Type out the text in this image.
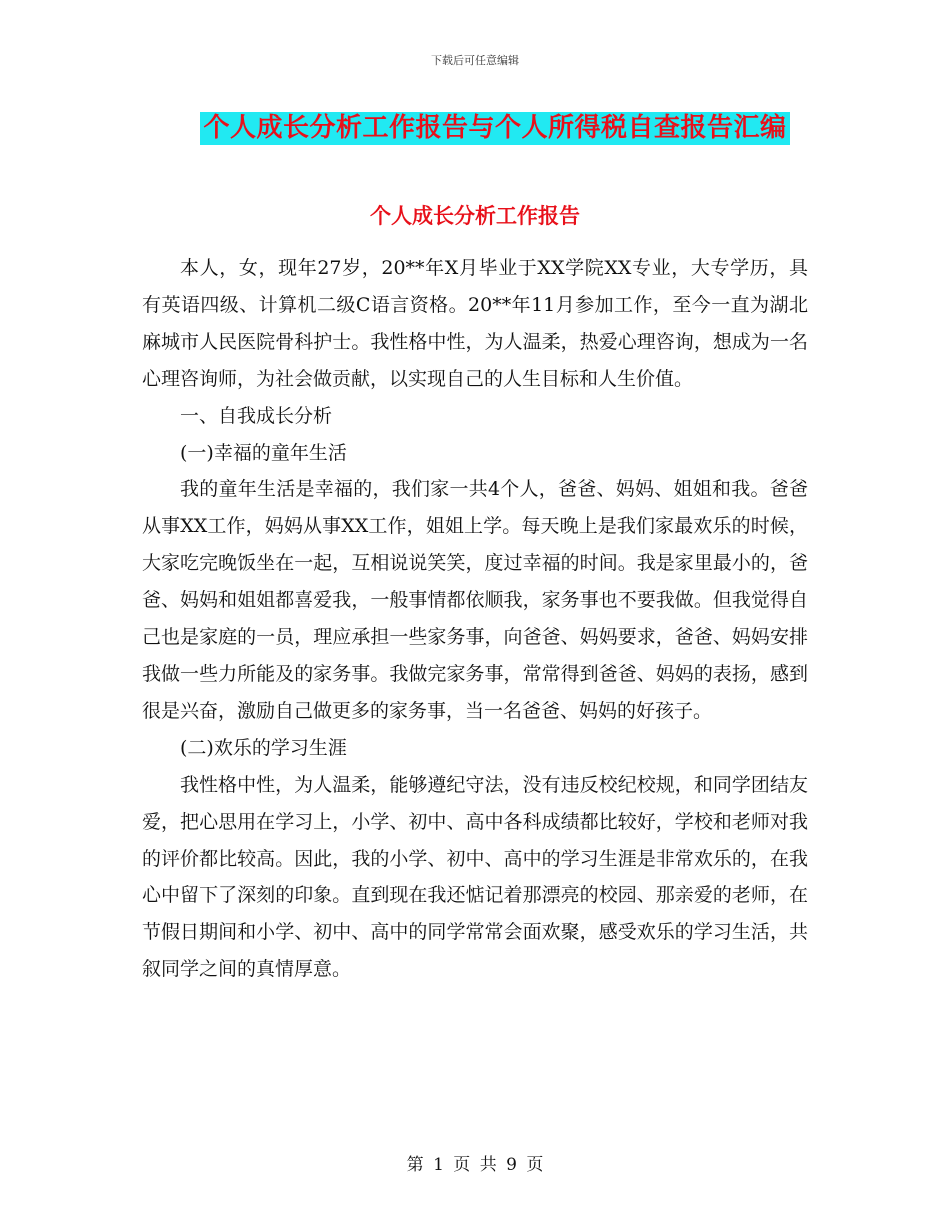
下载后可任意编辑
个人成长分析工作报告与个人所得税自查报告汇编
个人成长分析工作报告

本人，女，现年27岁，20**年X月毕业于XX学院XX专业，大专学历，具有英语四级、计算机二级C语言资格。20**年11月参加工作，至今一直为湖北麻城市人民医院骨科护士。我性格中性，为人温柔，热爱心理咨询，想成为一名心理咨询师，为社会做贡献，以实现自己的人生目标和人生价值。

一、自我成长分析

(一)幸福的童年生活

我的童年生活是幸福的，我们家一共4个人，爸爸、妈妈、姐姐和我。爸爸从事XX工作，妈妈从事XX工作，姐姐上学。每天晚上是我们家最欢乐的时候，大家吃完晚饭坐在一起，互相说说笑笑，度过幸福的时间。我是家里最小的，爸爸、妈妈和姐姐都喜爱我，一般事情都依顺我，家务事也不要我做。但我觉得自己也是家庭的一员，理应承担一些家务事，向爸爸、妈妈要求，爸爸、妈妈安排我做一些力所能及的家务事。我做完家务事，常常得到爸爸、妈妈的表扬，感到很是兴奋，激励自己做更多的家务事，当一名爸爸、妈妈的好孩子。

(二)欢乐的学习生涯

我性格中性，为人温柔，能够遵纪守法，没有违反校纪校规，和同学团结友爱，把心思用在学习上，小学、初中、高中各科成绩都比较好，学校和老师对我的评价都比较高。因此，我的小学、初中、高中的学习生涯是非常欢乐的，在我心中留下了深刻的印象。直到现在我还惦记着那漂亮的校园、那亲爱的老师，在节假日期间和小学、初中、高中的同学常常会面欢聚，感受欢乐的学习生活，共叙同学之间的真情厚意。

第 1 页 共 9 页
